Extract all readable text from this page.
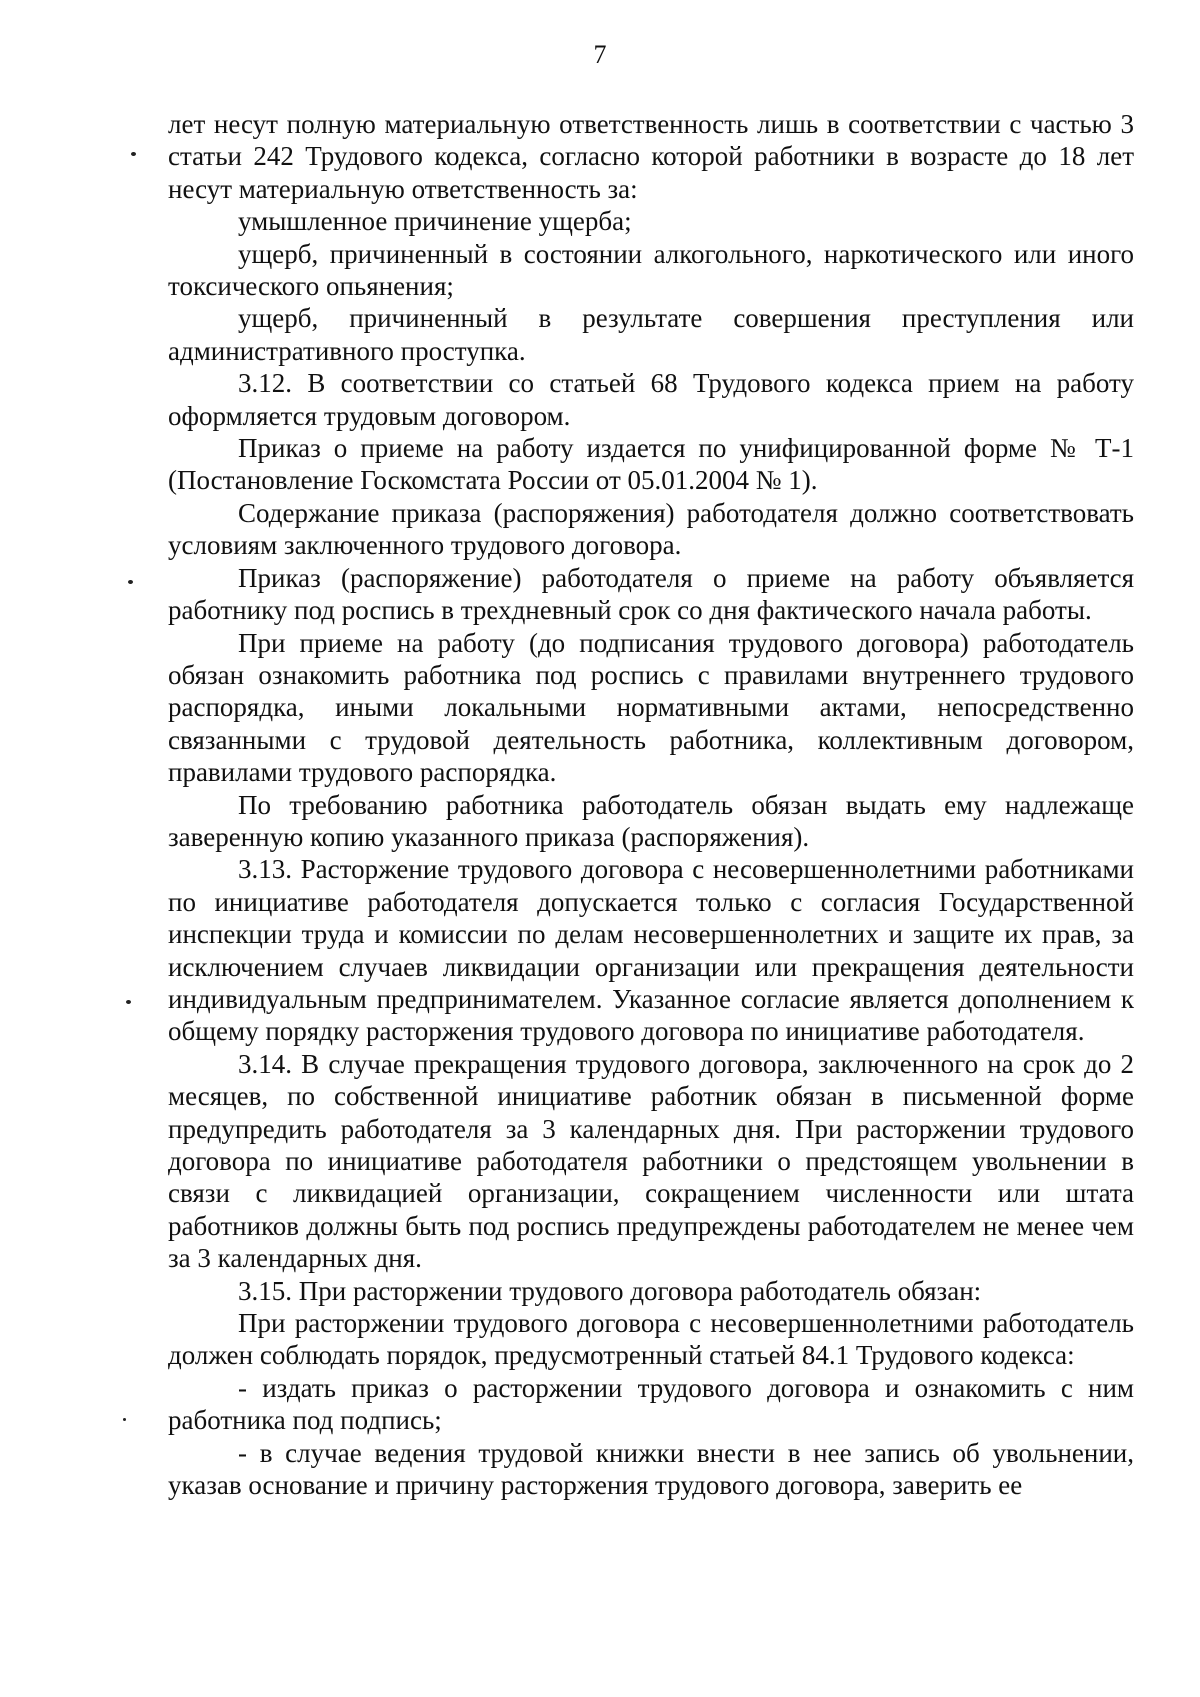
7

лет несут полную материальную ответственность лишь в соответствии с частью 3 статьи 242 Трудового кодекса, согласно которой работники в возрасте до 18 лет несут материальную ответственность за:

умышленное причинение ущерба;

ущерб, причиненный в состоянии алкогольного, наркотического или иного токсического опьянения;

ущерб, причиненный в результате совершения преступления или административного проступка.

3.12. В соответствии со статьей 68 Трудового кодекса прием на работу оформляется трудовым договором.

Приказ о приеме на работу издается по унифицированной форме № Т-1 (Постановление Госкомстата России от 05.01.2004 № 1).

Содержание приказа (распоряжения) работодателя должно соответствовать условиям заключенного трудового договора.

Приказ (распоряжение) работодателя о приеме на работу объявляется работнику под роспись в трехдневный срок со дня фактического начала работы.

При приеме на работу (до подписания трудового договора) работодатель обязан ознакомить работника под роспись с правилами внутреннего трудового распорядка, иными локальными нормативными актами, непосредственно связанными с трудовой деятельность работника, коллективным договором, правилами трудового распорядка.

По требованию работника работодатель обязан выдать ему надлежаще заверенную копию указанного приказа (распоряжения).

3.13. Расторжение трудового договора с несовершеннолетними работниками по инициативе работодателя допускается только с согласия Государственной инспекции труда и комиссии по делам несовершеннолетних и защите их прав, за исключением случаев ликвидации организации или прекращения деятельности индивидуальным предпринимателем. Указанное согласие является дополнением к общему порядку расторжения трудового договора по инициативе работодателя.

3.14. В случае прекращения трудового договора, заключенного на срок до 2 месяцев, по собственной инициативе работник обязан в письменной форме предупредить работодателя за 3 календарных дня. При расторжении трудового договора по инициативе работодателя работники о предстоящем увольнении в связи с ликвидацией организации, сокращением численности или штата работников должны быть под роспись предупреждены работодателем не менее чем за 3 календарных дня.

3.15. При расторжении трудового договора работодатель обязан:

При расторжении трудового договора с несовершеннолетними работодатель должен соблюдать порядок, предусмотренный статьей 84.1 Трудового кодекса:

- издать приказ о расторжении трудового договора и ознакомить с ним работника под подпись;

- в случае ведения трудовой книжки внести в нее запись об увольнении, указав основание и причину расторжения трудового договора, заверить ее
